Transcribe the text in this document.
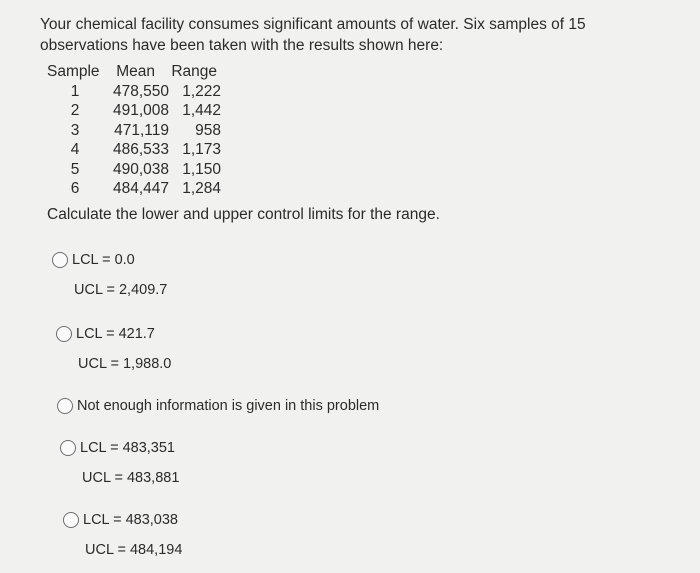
Your chemical facility consumes significant amounts of water. Six samples of 15
observations have been taken with the results shown here:
Sample	Mean	Range
1	478,550 1,222
2	491,008 1,442
3	471,119	958
4	486,533 1,173
5	490,038 1,150
6	484,447 1,284
Calculate the lower and upper control limits for the range.
LCL = 0.0
UCL = 2,409.7
LCL = 421.7
UCL = 1,988.0
Not enough information is given in this problem
LCL = 483,351
UCL = 483,881
LCL = 483,038
UCL = 484,194
